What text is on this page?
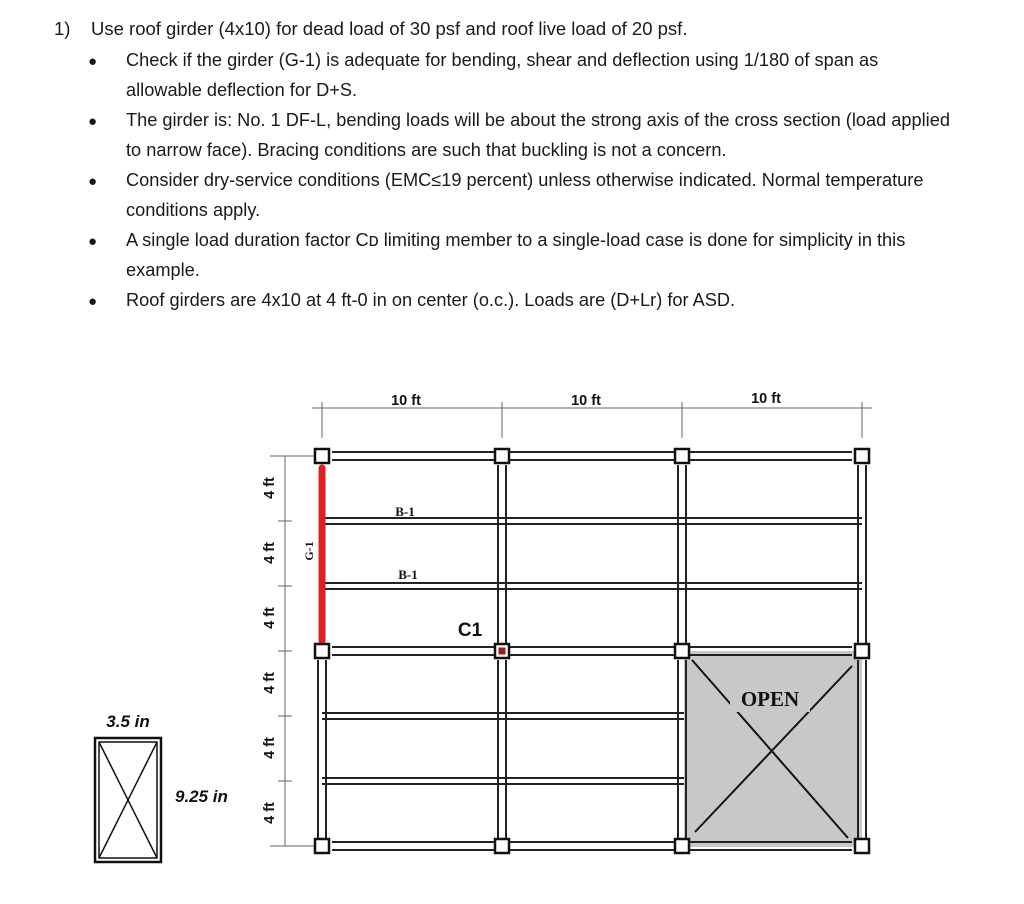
1) Use roof girder (4x10) for dead load of 30 psf and roof live load of 20 psf.
● Check if the girder (G-1) is adequate for bending, shear and deflection using 1/180 of span as allowable deflection for D+S.
● The girder is: No. 1 DF-L, bending loads will be about the strong axis of the cross section (load applied to narrow face). Bracing conditions are such that buckling is not a concern.
● Consider dry-service conditions (EMC≤19 percent) unless otherwise indicated. Normal temperature conditions apply.
● A single load duration factor Cᴅ limiting member to a single-load case is done for simplicity in this example.
● Roof girders are 4x10 at 4 ft-0 in on center (o.c.). Loads are (D+Lr) for ASD.
OPEN
10 ft	10 ft	10 ft
4 ft
4 ft
4 ft
4 ft
4 ft
4 ft
G-1
B-1
B-1
C1
3.5 in
9.25 in
